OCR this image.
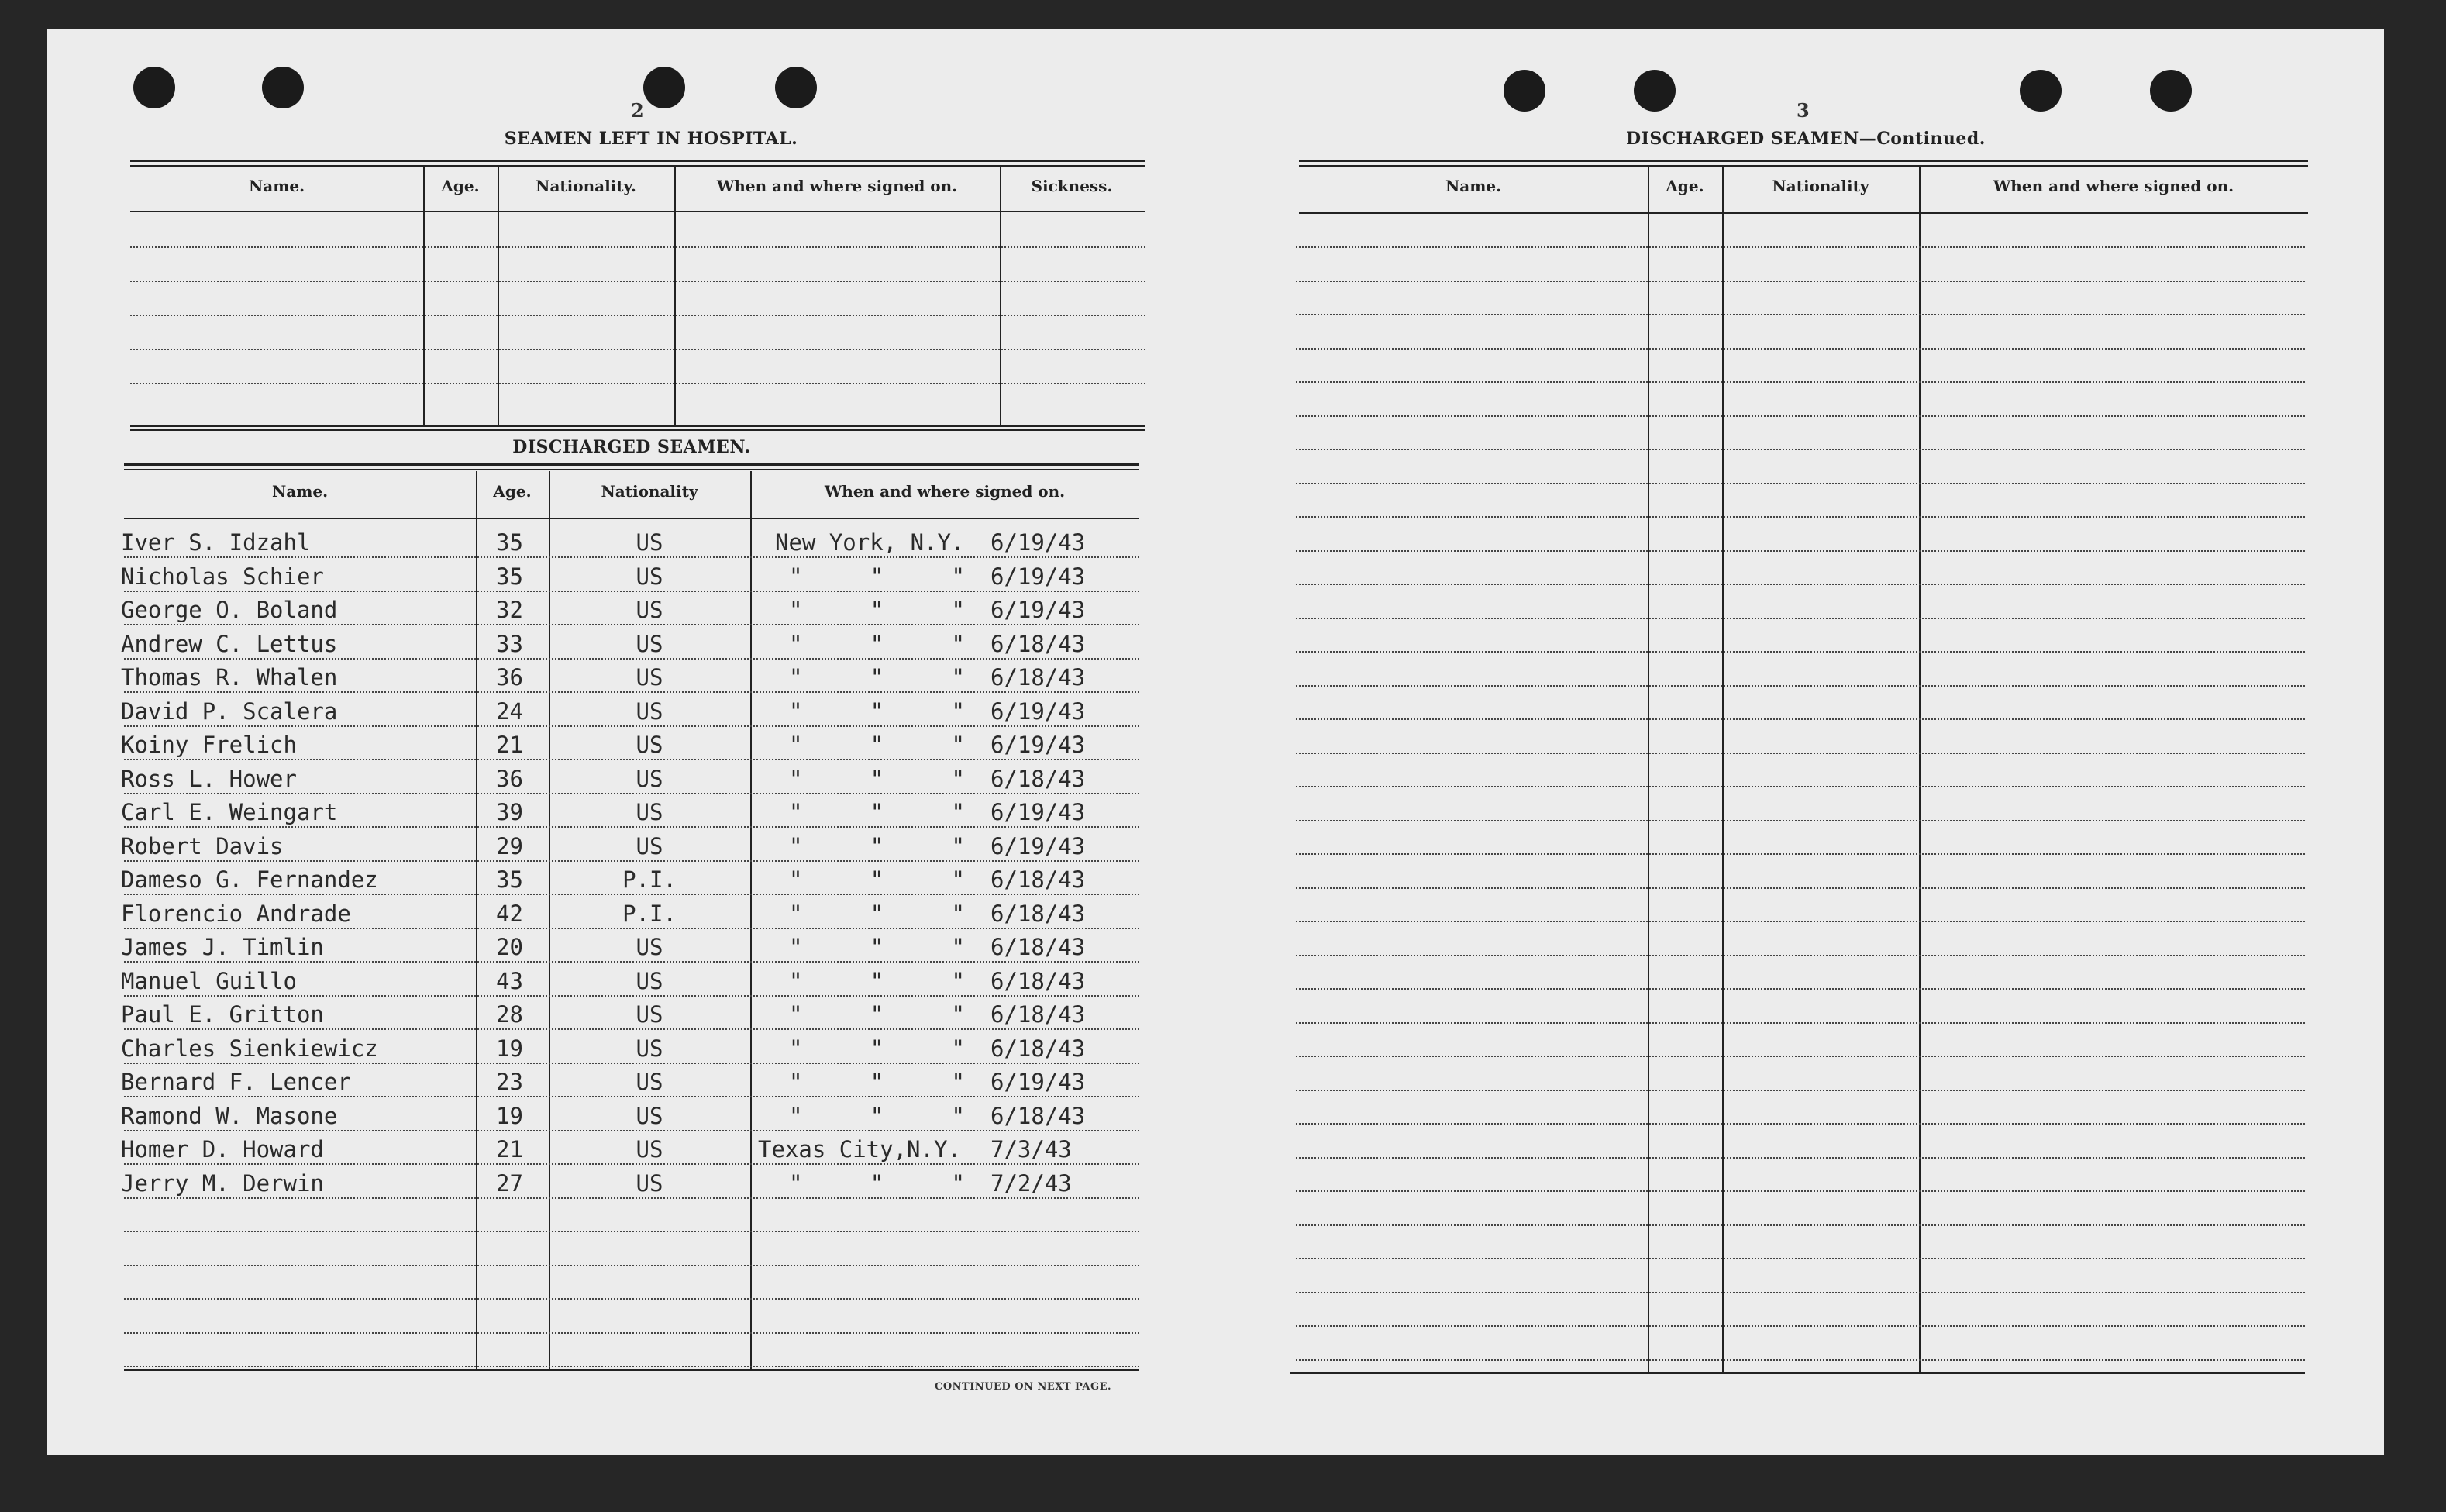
2
SEAMEN LEFT IN HOSPITAL.
DISCHARGED SEAMEN.
CONTINUED ON NEXT PAGE.
3
DISCHARGED SEAMEN—Continued.
Name.	Age.	Nationality.	When and where signed on.	Sickness.
Name.	Age.	Nationality	When and where signed on.
Iver S. Idzahl	35	US	New York, N.Y. 6/19/43
Nicholas Schier	35	US	"     "     " 6/19/43
George O. Boland	32	US	"     "     " 6/19/43
Andrew C. Lettus	33	US	"     "     " 6/18/43
Thomas R. Whalen	36	US	"     "     " 6/18/43
David P. Scalera	24	US	"     "     " 6/19/43
Koiny Frelich	21	US	"     "     " 6/19/43
Ross L. Hower	36	US	"     "     " 6/18/43
Carl E. Weingart	39	US	"     "     " 6/19/43
Robert Davis	29	US	"     "     " 6/19/43
Dameso G. Fernandez	35	P.I.	"     "     " 6/18/43
Florencio Andrade	42	P.I.	"     "     " 6/18/43
James J. Timlin	20	US	"     "     " 6/18/43
Manuel Guillo	43	US	"     "     " 6/18/43
Paul E. Gritton	28	US	"     "     " 6/18/43
Charles Sienkiewicz	19	US	"     "     " 6/18/43
Bernard F. Lencer	23	US	"     "     " 6/19/43
Ramond W. Masone	19	US	"     "     " 6/18/43
Homer D. Howard	21	US	Texas City,N.Y. 7/3/43
Jerry M. Derwin	27	US	"     "     " 7/2/43
Name.	Age.	Nationality	When and where signed on.
